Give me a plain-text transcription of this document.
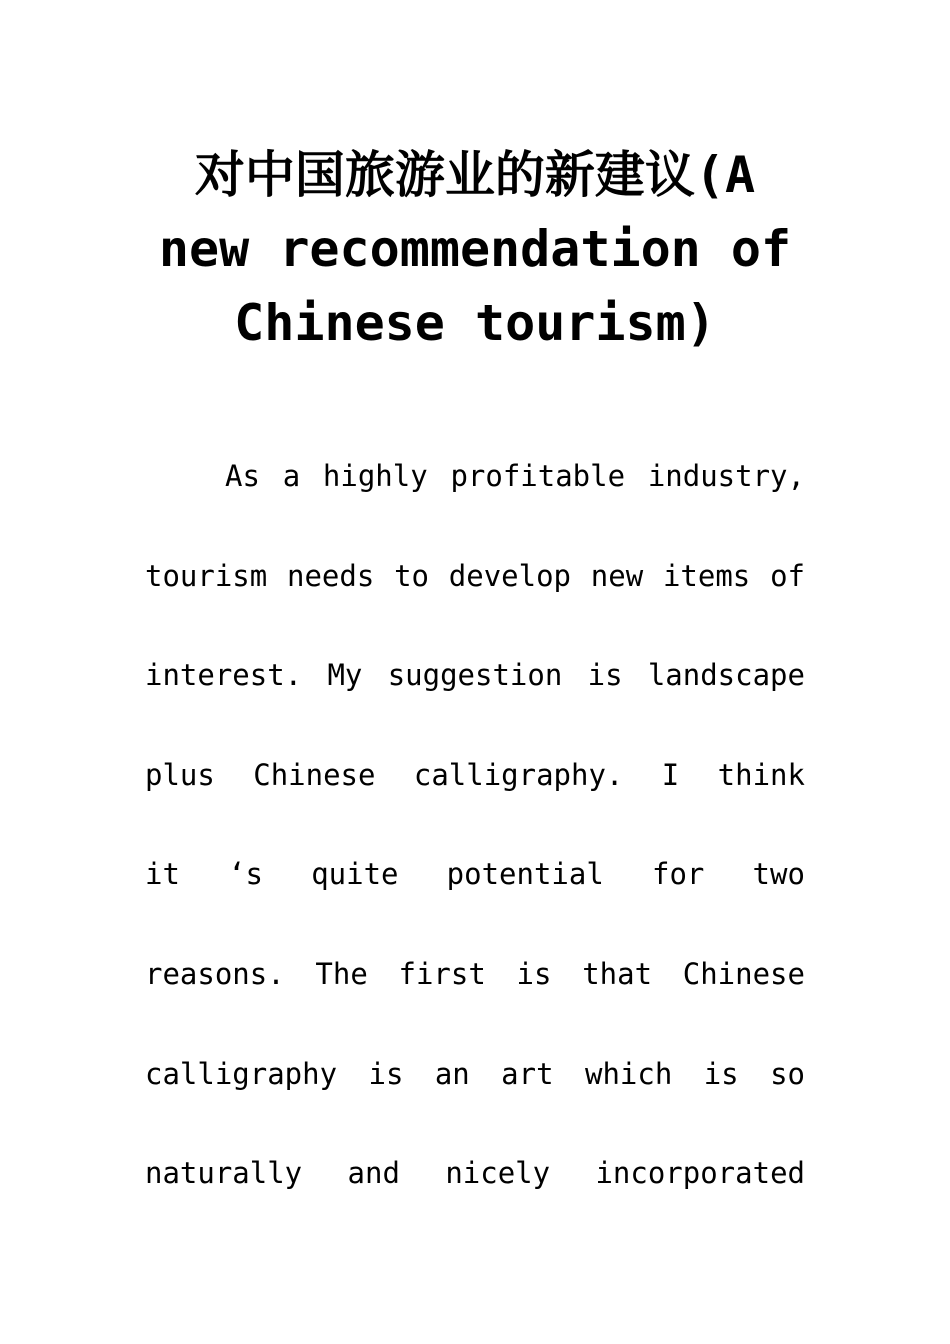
对中国旅游业的新建议(A new recommendation of Chinese tourism)
As a highly profitable industry,
tourism needs to develop new items of
interest. My suggestion is landscape
plus Chinese calligraphy. I think
it ‘s quite potential for two
reasons. The first is that Chinese
calligraphy is an art which is so
naturally and nicely incorporated
